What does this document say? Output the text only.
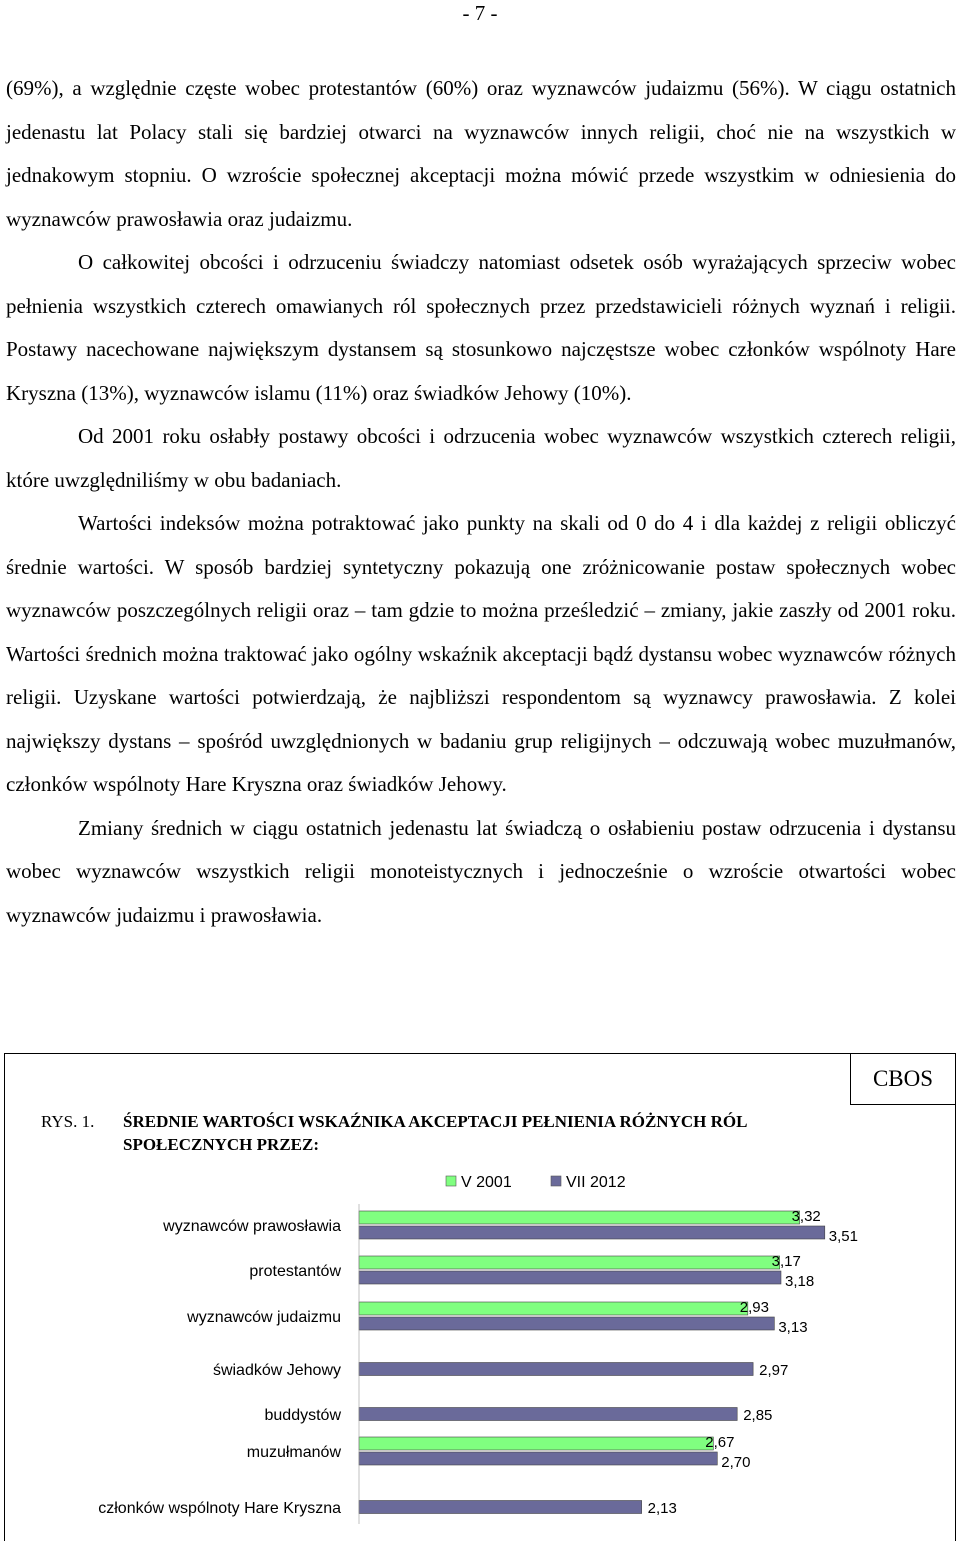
- 7 -

(69%), a względnie częste wobec protestantów (60%) oraz wyznawców judaizmu (56%). W ciągu ostatnich jedenastu lat Polacy stali się bardziej otwarci na wyznawców innych religii, choć nie na wszystkich w jednakowym stopniu. O wzroście społecznej akceptacji można mówić przede wszystkim w odniesienia do wyznawców prawosławia oraz judaizmu.

O całkowitej obcości i odrzuceniu świadczy natomiast odsetek osób wyrażających sprzeciw wobec pełnienia wszystkich czterech omawianych ról społecznych przez przedstawicieli różnych wyznań i religii. Postawy nacechowane największym dystansem są stosunkowo najczęstsze wobec członków wspólnoty Hare Kryszna (13%), wyznawców islamu (11%) oraz świadków Jehowy (10%).

Od 2001 roku osłabły postawy obcości i odrzucenia wobec wyznawców wszystkich czterech religii, które uwzględniliśmy w obu badaniach.

Wartości indeksów można potraktować jako punkty na skali od 0 do 4 i dla każdej z religii obliczyć średnie wartości. W sposób bardziej syntetyczny pokazują one zróżnicowanie postaw społecznych wobec wyznawców poszczególnych religii oraz – tam gdzie to można prześledzić – zmiany, jakie zaszły od 2001 roku. Wartości średnich można traktować jako ogólny wskaźnik akceptacji bądź dystansu wobec wyznawców różnych religii. Uzyskane wartości potwierdzają, że najbliższi respondentom są wyznawcy prawosławia. Z kolei największy dystans – spośród uwzględnionych w badaniu grup religijnych – odczuwają wobec muzułmanów, członków wspólnoty Hare Kryszna oraz świadków Jehowy.

Zmiany średnich w ciągu ostatnich jedenastu lat świadczą o osłabieniu postaw odrzucenia i dystansu wobec wyznawców wszystkich religii monoteistycznych i jednocześnie o wzroście otwartości wobec wyznawców judaizmu i prawosławia.

CBOS
RYS. 1. ŚREDNIE WARTOŚCI WSKAŹNIKA AKCEPTACJI PEŁNIENIA RÓŻNYCH RÓL SPOŁECZNYCH PRZEZ:
V 2001	VII 2012
wyznawców prawosławia
3,32
3,51
protestantów
3,17
3,18
wyznawców judaizmu
2,93
3,13
świadków Jehowy	2,97
buddystów	2,85
muzułmanów
2,67
2,70
członków wspólnoty Hare Kryszna	2,13
